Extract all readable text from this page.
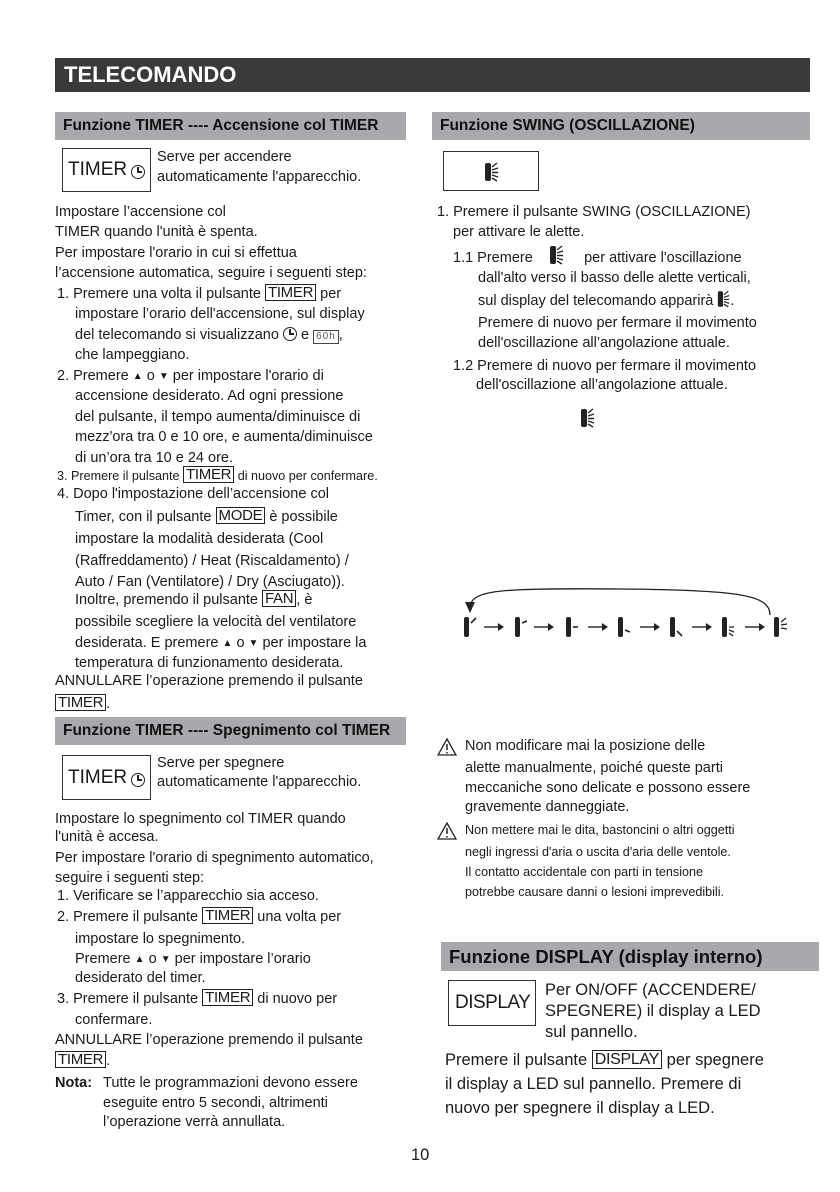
TELECOMANDO
Funzione TIMER ---- Accensione col TIMER
TIMER
Serve per accendere
automaticamente l'apparecchio.
Impostare l’accensione col
TIMER quando l'unità è spenta.
Per impostare l'orario in cui si effettua
l’accensione automatica, seguire i seguenti step:
1. Premere una volta il pulsante TIMER per
impostare l’orario dell'accensione, sul display
del telecomando si visualizzano e 60h ,
che lampeggiano.
2. Premere ▲ o ▼ per impostare l'orario di
accensione desiderato. Ad ogni pressione
del pulsante, il tempo aumenta/diminuisce di
mezz'ora tra 0 e 10 ore, e aumenta/diminuisce
di un’ora tra 10 e 24 ore.
3. Premere il pulsante TIMER di nuovo per confermare.
4. Dopo l'impostazione dell’accensione col
Timer, con il pulsante MODE è possibile
impostare la modalità desiderata (Cool
(Raffreddamento) / Heat (Riscaldamento) /
Auto / Fan (Ventilatore) / Dry (Asciugato)).
Inoltre, premendo il pulsante FAN , è
possibile scegliere la velocità del ventilatore
desiderata. E premere ▲ o ▼ per impostare la
temperatura di funzionamento desiderata.
ANNULLARE l’operazione premendo il pulsante
TIMER .
Funzione TIMER ---- Spegnimento col TIMER
TIMER
Serve per spegnere
automaticamente l'apparecchio.
Impostare lo spegnimento col TIMER quando
l'unità è accesa.
Per impostare l'orario di spegnimento automatico,
seguire i seguenti step:
1. Verificare se l’apparecchio sia acceso.
2. Premere il pulsante TIMER una volta per
impostare lo spegnimento.
Premere ▲ o ▼ per impostare l’orario
desiderato del timer.
3. Premere il pulsante TIMER di nuovo per
confermare.
ANNULLARE l’operazione premendo il pulsante
TIMER .
Nota: Tutte le programmazioni devono essere
eseguite entro 5 secondi, altrimenti
l’operazione verrà annullata.
Funzione SWING (OSCILLAZIONE)
1. Premere il pulsante SWING (OSCILLAZIONE)
per attivare le alette.
1.1 Premere	per attivare l'oscillazione
dall'alto verso il basso delle alette verticali,
sul display del telecomando apparirà .
Premere di nuovo per fermare il movimento
dell'oscillazione all’angolazione attuale.
1.2 Premere di nuovo per fermare il movimento
dell'oscillazione all’angolazione attuale.
Non modificare mai la posizione delle
alette manualmente, poiché queste parti
meccaniche sono delicate e possono essere
gravemente danneggiate.
Non mettere mai le dita, bastoncini o altri oggetti
negli ingressi d'aria o uscita d'aria delle ventole.
Il contatto accidentale con parti in tensione
potrebbe causare danni o lesioni imprevedibili.
Funzione DISPLAY (display interno)
DISPLAY
Per ON/OFF (ACCENDERE/
SPEGNERE) il display a LED
sul pannello.
Premere il pulsante DISPLAY per spegnere
il display a LED sul pannello. Premere di
nuovo per spegnere il display a LED.
10
